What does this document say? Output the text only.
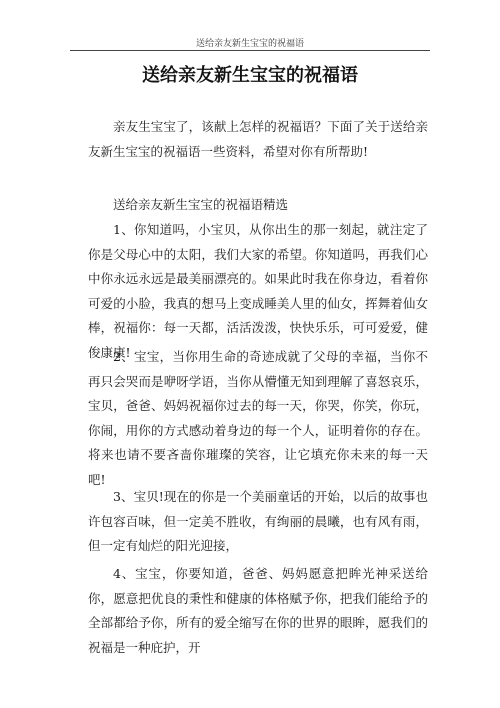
送给亲友新生宝宝的祝福语
送给亲友新生宝宝的祝福语
亲友生宝宝了，该献上怎样的祝福语？下面了关于送给亲友新生宝宝的祝福语一些资料，希望对你有所帮助!
送给亲友新生宝宝的祝福语精选
1、你知道吗，小宝贝，从你出生的那一刻起，就注定了你是父母心中的太阳，我们大家的希望。你知道吗，再我们心中你永远永远是最美丽漂亮的。如果此时我在你身边，看着你可爱的小脸，我真的想马上变成睡美人里的仙女，挥舞着仙女棒，祝福你：每一天都，活活泼泼，快快乐乐，可可爱爱，健俊康康!
2、宝宝，当你用生命的奇迹成就了父母的幸福，当你不再只会哭而是咿呀学语，当你从懵懂无知到理解了喜怒哀乐，宝贝，爸爸、妈妈祝福你过去的每一天，你哭，你笑，你玩，你闹，用你的方式感动着身边的每一个人，证明着你的存在。将来也请不要吝啬你璀璨的笑容，让它填充你未来的每一天吧!
3、宝贝!现在的你是一个美丽童话的开始，以后的故事也许包容百味，但一定美不胜收，有绚丽的晨曦，也有风有雨，但一定有灿烂的阳光迎接，
4、宝宝，你要知道，爸爸、妈妈愿意把眸光神采送给你，愿意把优良的秉性和健康的体格赋予你，把我们能给予的全部都给予你，所有的爱全缩写在你的世界的眼眸，愿我们的祝福是一种庇护，开
